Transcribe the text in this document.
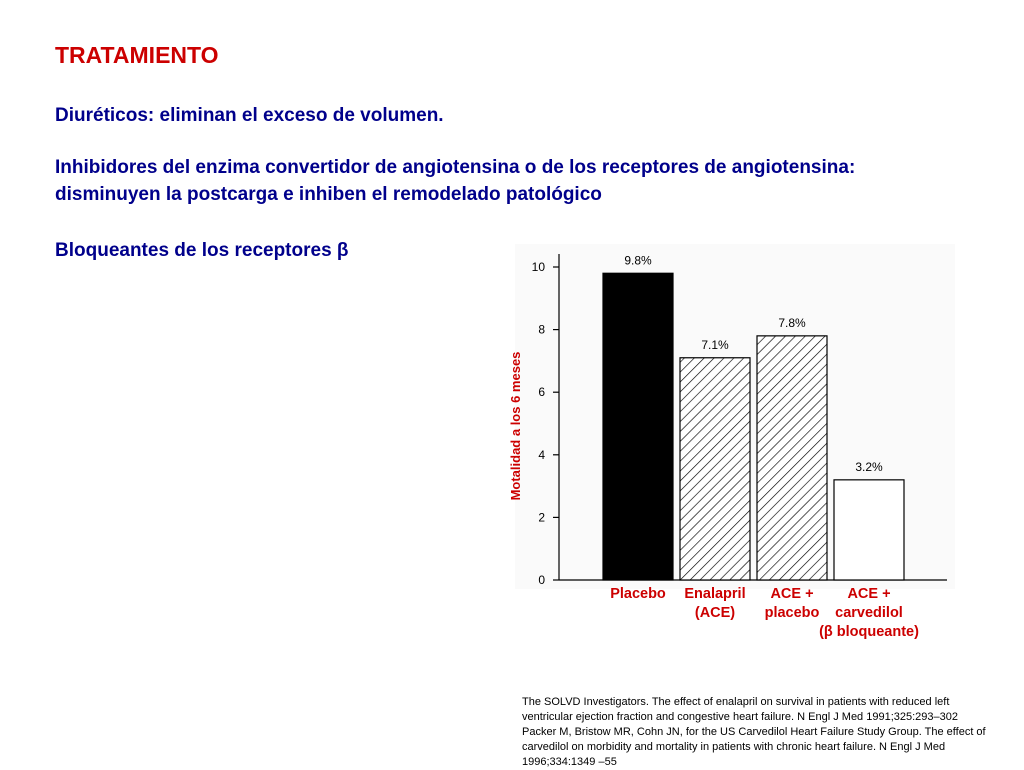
TRATAMIENTO

Diuréticos: eliminan el exceso de volumen.

Inhibidores del enzima convertidor de angiotensina o de los receptores de angiotensina: disminuyen la postcarga e inhiben el remodelado patológico

Bloqueantes de los receptores β

0
2
4
6
8
10	9.8%
7.1%
7.8%
3.2%
Motalidad a los 6 meses
Placebo	Enalapril
(ACE)
ACE +
placebo
ACE +
carvedilol
(β bloqueante)
The SOLVD Investigators. The effect of enalapril on survival in patients with reduced left ventricular ejection fraction and congestive heart failure. N Engl J Med 1991;325:293–302 Packer M, Bristow MR, Cohn JN, for the US Carvedilol Heart Failure Study Group. The effect of carvedilol on morbidity and mortality in patients with chronic heart failure. N Engl J Med 1996;334:1349 –55
